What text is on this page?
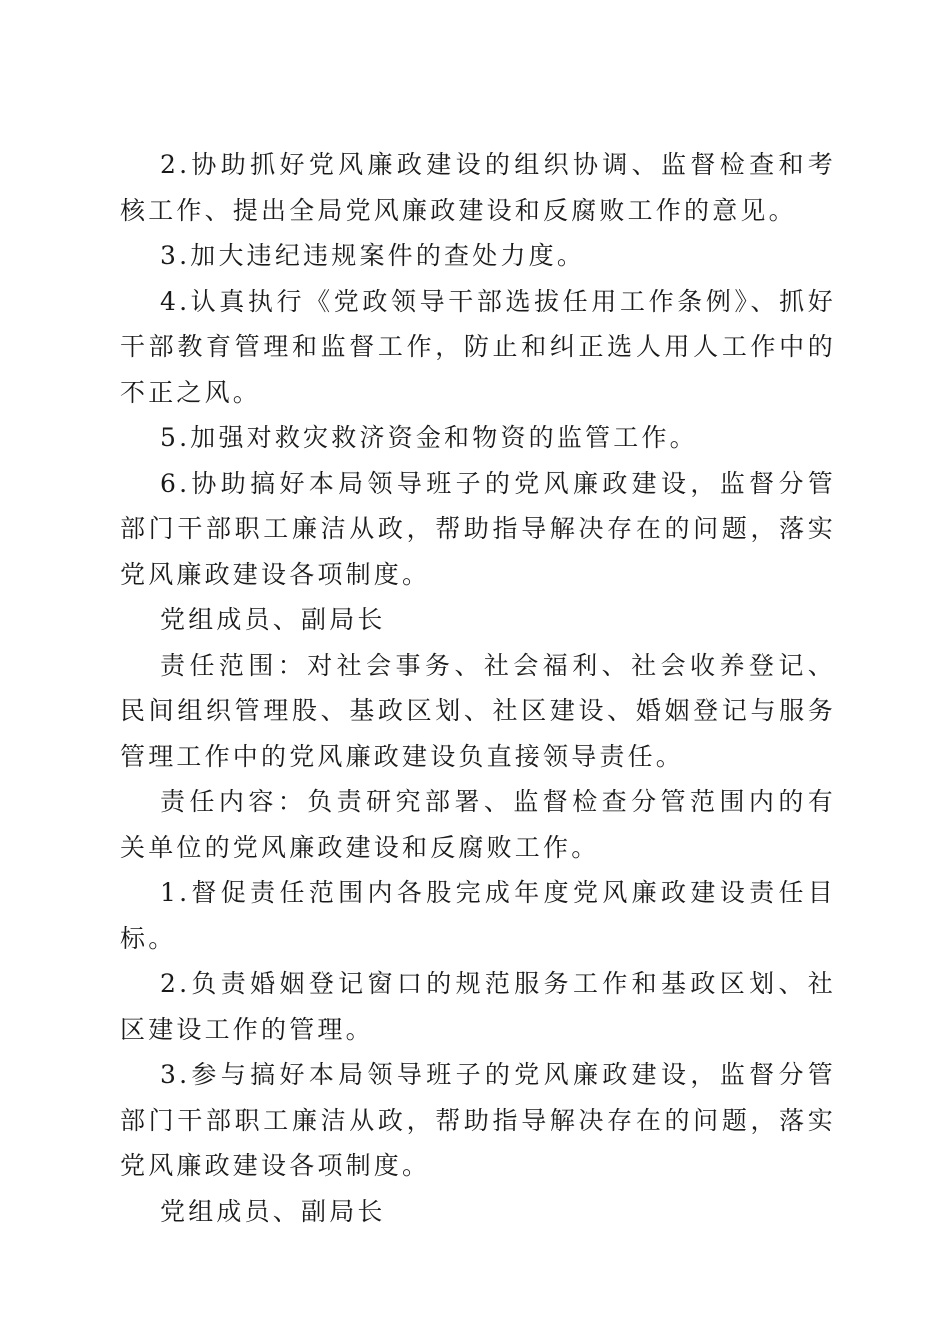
2.协助抓好党风廉政建设的组织协调、监督检查和考核工作、提出全局党风廉政建设和反腐败工作的意见。

3.加大违纪违规案件的查处力度。

4.认真执行《党政领导干部选拔任用工作条例》、抓好干部教育管理和监督工作，防止和纠正选人用人工作中的不正之风。

5.加强对救灾救济资金和物资的监管工作。

6.协助搞好本局领导班子的党风廉政建设，监督分管部门干部职工廉洁从政，帮助指导解决存在的问题，落实党风廉政建设各项制度。

党组成员、副局长

责任范围：对社会事务、社会福利、社会收养登记、民间组织管理股、基政区划、社区建设、婚姻登记与服务管理工作中的党风廉政建设负直接领导责任。

责任内容：负责研究部署、监督检查分管范围内的有关单位的党风廉政建设和反腐败工作。

1.督促责任范围内各股完成年度党风廉政建设责任目标。

2.负责婚姻登记窗口的规范服务工作和基政区划、社区建设工作的管理。

3.参与搞好本局领导班子的党风廉政建设，监督分管部门干部职工廉洁从政，帮助指导解决存在的问题，落实党风廉政建设各项制度。

党组成员、副局长
